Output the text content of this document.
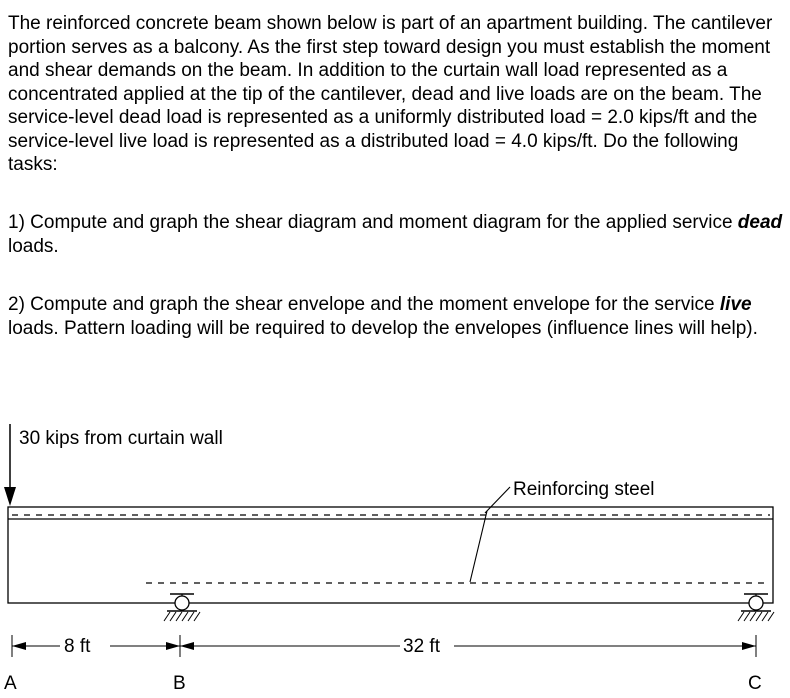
The reinforced concrete beam shown below is part of an apartment building. The cantilever portion serves as a balcony. As the first step toward design you must establish the moment and shear demands on the beam. In addition to the curtain wall load represented as a concentrated applied at the tip of the cantilever, dead and live loads are on the beam. The service-level dead load is represented as a uniformly distributed load = 2.0 kips/ft and the service-level live load is represented as a distributed load = 4.0 kips/ft. Do the following tasks:

1) Compute and graph the shear diagram and moment diagram for the applied service dead loads.

2) Compute and graph the shear envelope and the moment envelope for the service live loads. Pattern loading will be required to develop the envelopes (influence lines will help).

30 kips from curtain wall
Reinforcing steel
8 ft	32 ft
A	B	C
